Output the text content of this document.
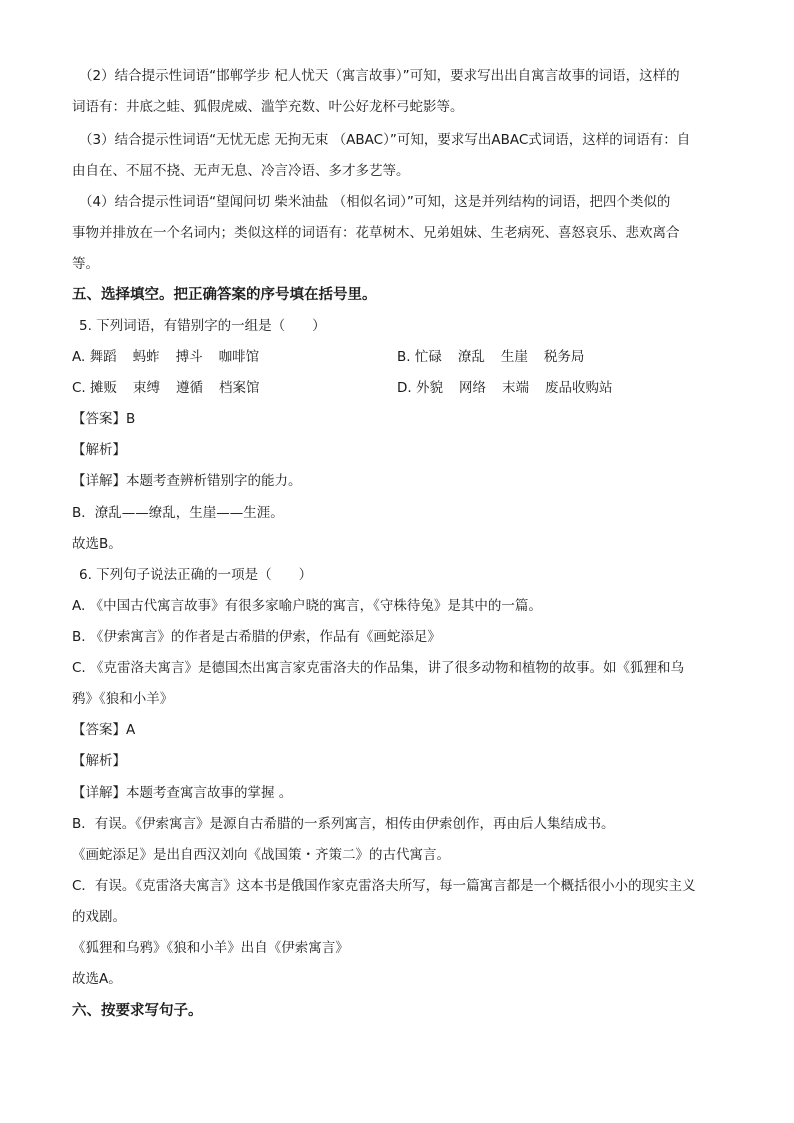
（2）结合提示性词语“邯郸学步 杞人忧天（寓言故事）”可知，要求写出出自寓言故事的词语，这样的
词语有：井底之蛙、狐假虎威、滥竽充数、叶公好龙杯弓蛇影等。
（3）结合提示性词语“无忧无虑 无拘无束 （ABAC）”可知，要求写出ABAC式词语，这样的词语有：自
由自在、不屈不挠、无声无息、冷言冷语、多才多艺等。
（4）结合提示性词语“望闻问切 柴米油盐 （相似名词）”可知，这是并列结构的词语，把四个类似的
事物并排放在一个名词内；类似这样的词语有：花草树木、兄弟姐妹、生老病死、喜怒哀乐、悲欢离合
等。
五、选择填空。把正确答案的序号填在括号里。
5. 下列词语，有错别字的一组是（　　）
A. 舞蹈 蚂蚱 搏斗 咖啡馆	B. 忙碌 潦乱 生崖 税务局
C. 摊贩 束缚 遵循 档案馆	D. 外貌 网络 末端 废品收购站
【答案】B
【解析】
【详解】本题考查辨析错别字的能力。
B．潦乱——缭乱，生崖——生涯。
故选B。
6. 下列句子说法正确的一项是（　　）
A. 《中国古代寓言故事》有很多家喻户晓的寓言，《守株待兔》是其中的一篇。
B. 《伊索寓言》的作者是古希腊的伊索，作品有《画蛇添足》
C. 《克雷洛夫寓言》是德国杰出寓言家克雷洛夫的作品集，讲了很多动物和植物的故事。如《狐狸和乌
鸦》《狼和小羊》
【答案】A
【解析】
【详解】本题考查寓言故事的掌握 。
B．有误。《伊索寓言》是源自古希腊的一系列寓言，相传由伊索创作，再由后人集结成书。
《画蛇添足》是出自西汉刘向《战国策・齐策二》的古代寓言。
C．有误。《克雷洛夫寓言》这本书是俄国作家克雷洛夫所写，每一篇寓言都是一个概括很小小的现实主义
的戏剧。
《狐狸和乌鸦》《狼和小羊》出自《伊索寓言》
故选A。
六、按要求写句子。
